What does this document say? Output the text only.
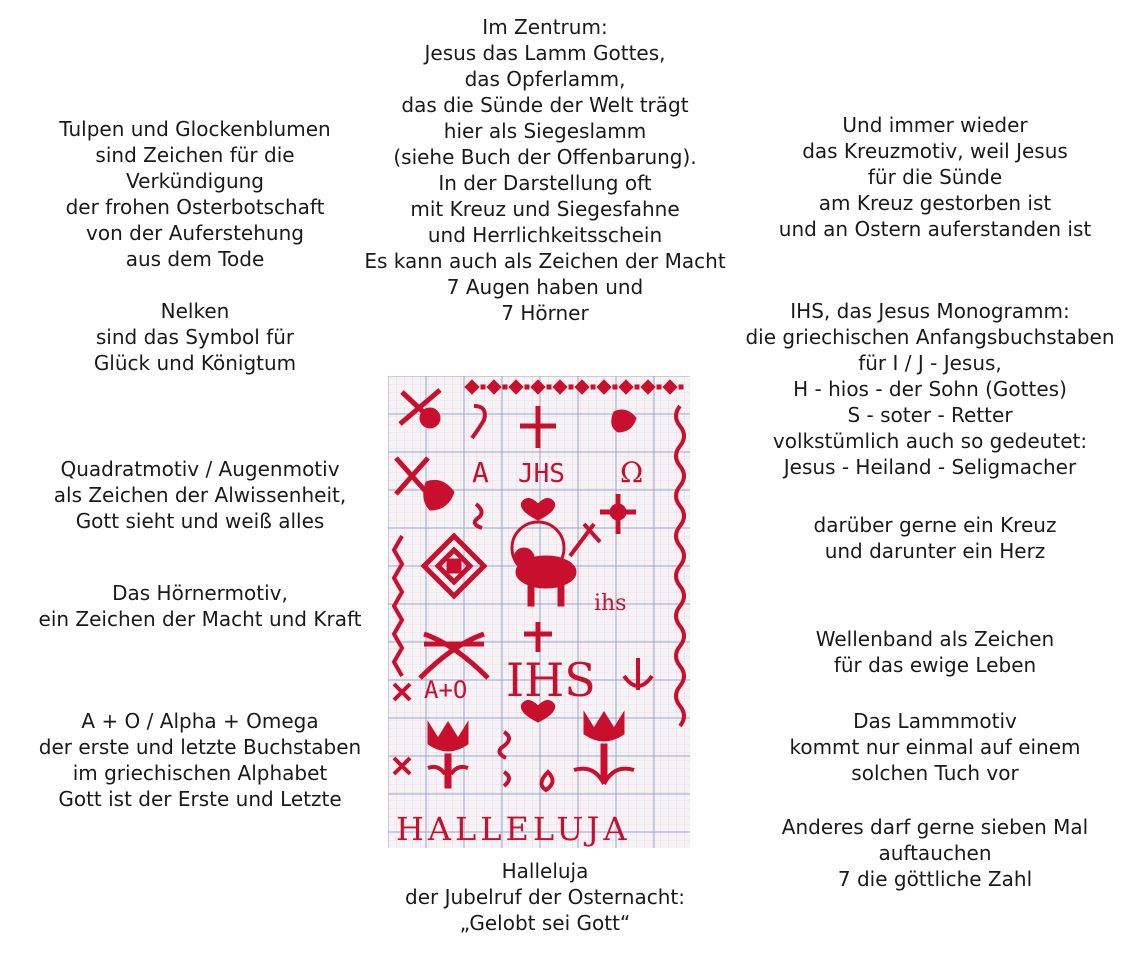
Im Zentrum:
Jesus das Lamm Gottes,
das Opferlamm,
das die Sünde der Welt trägt
hier als Siegeslamm
(siehe Buch der Offenbarung).
In der Darstellung oft
mit Kreuz und Siegesfahne
und Herrlichkeitsschein
Es kann auch als Zeichen der Macht
7 Augen haben und
7 Hörner
Tulpen und Glockenblumen
sind Zeichen für die
Verkündigung
der frohen Osterbotschaft
von der Auferstehung
aus dem Tode
Nelken
sind das Symbol für
Glück und Königtum
Quadratmotiv / Augenmotiv
als Zeichen der Alwissenheit,
Gott sieht und weiß alles
Das Hörnermotiv,
ein Zeichen der Macht und Kraft
A + O / Alpha + Omega
der erste und letzte Buchstaben
im griechischen Alphabet
Gott ist der Erste und Letzte
Und immer wieder
das Kreuzmotiv, weil Jesus
für die Sünde
am Kreuz gestorben ist
und an Ostern auferstanden ist
IHS, das Jesus Monogramm:
die griechischen Anfangsbuchstaben
für I / J - Jesus,
H - hios - der Sohn (Gottes)
S - soter - Retter
volkstümlich auch so gedeutet:
Jesus - Heiland - Seligmacher
darüber gerne ein Kreuz
und darunter ein Herz
Wellenband als Zeichen
für das ewige Leben
Das Lammmotiv
kommt nur einmal auf einem
solchen Tuch vor
Anderes darf gerne sieben Mal
auftauchen
7 die göttliche Zahl
Halleluja
der Jubelruf der Osternacht:
„Gelobt sei Gott“
A JHS Ω
ihs
IHS
A+O
HALLELUJA
